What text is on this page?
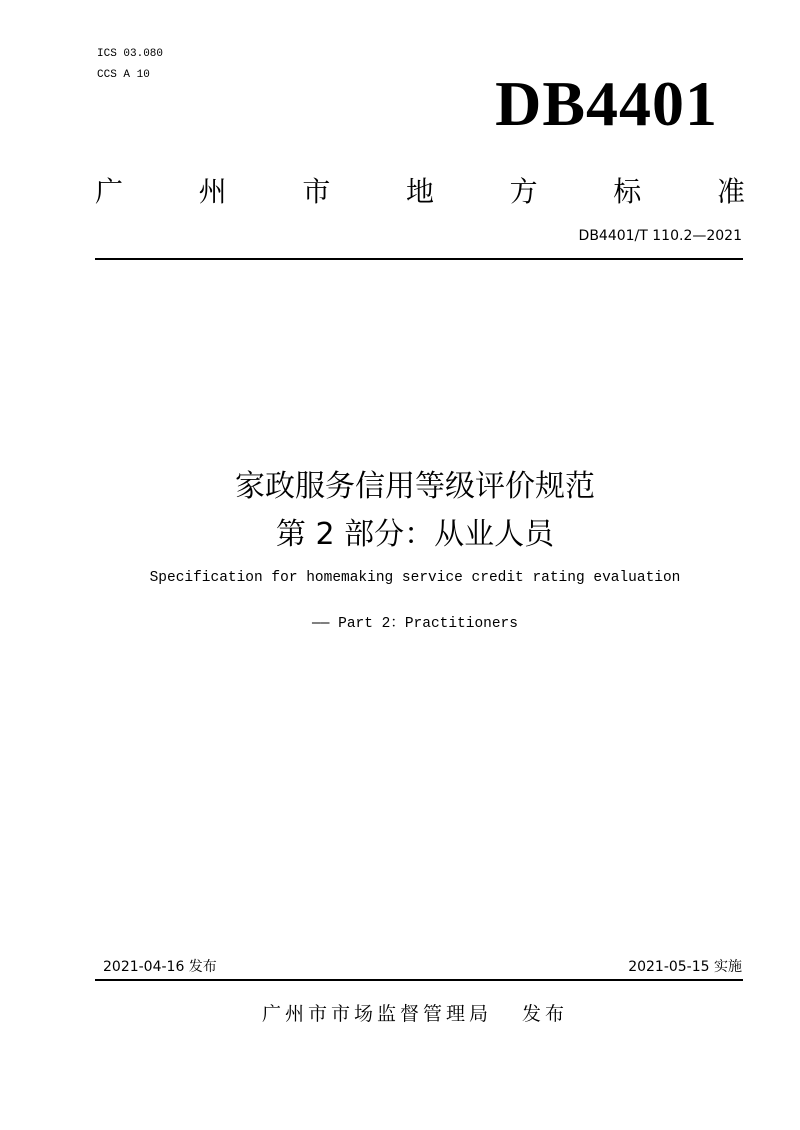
ICS 03.080
CCS A 10	DB4401
广	州	市	地	方	标	准
DB4401/T 110.2—2021
家政服务信用等级评价规范
第 2 部分：从业人员
Specification for homemaking service credit rating evaluation
—— Part 2：Practitioners
2021-04-16 发布	2021-05-15 实施
广州市市场监督管理局   发布
